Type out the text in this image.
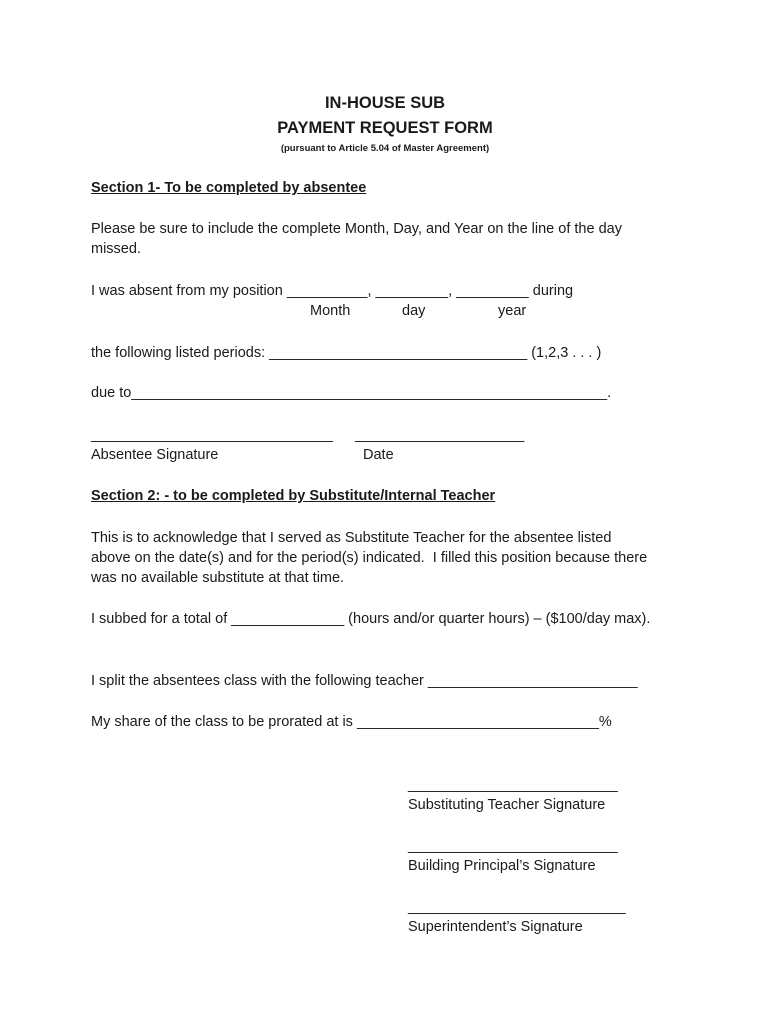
IN-HOUSE SUB
PAYMENT REQUEST FORM
(pursuant to Article 5.04 of Master Agreement)
Section 1- To be completed by absentee
Please be sure to include the complete Month, Day, and Year on the line of the day
missed.
I was absent from my position __________, _________, _________ during
Month	day	year
the following listed periods: ________________________________ (1,2,3 . . . )
due to___________________________________________________________.
______________________________ _____________________
Absentee Signature	Date
Section 2: - to be completed by Substitute/Internal Teacher
This is to acknowledge that I served as Substitute Teacher for the absentee listed
above on the date(s) and for the period(s) indicated.  I filled this position because there
was no available substitute at that time.
I subbed for a total of ______________ (hours and/or quarter hours) – ($100/day max).
I split the absentees class with the following teacher __________________________
My share of the class to be prorated at is ______________________________%
__________________________
Substituting Teacher Signature
__________________________
Building Principal’s Signature
___________________________
Superintendent’s Signature
